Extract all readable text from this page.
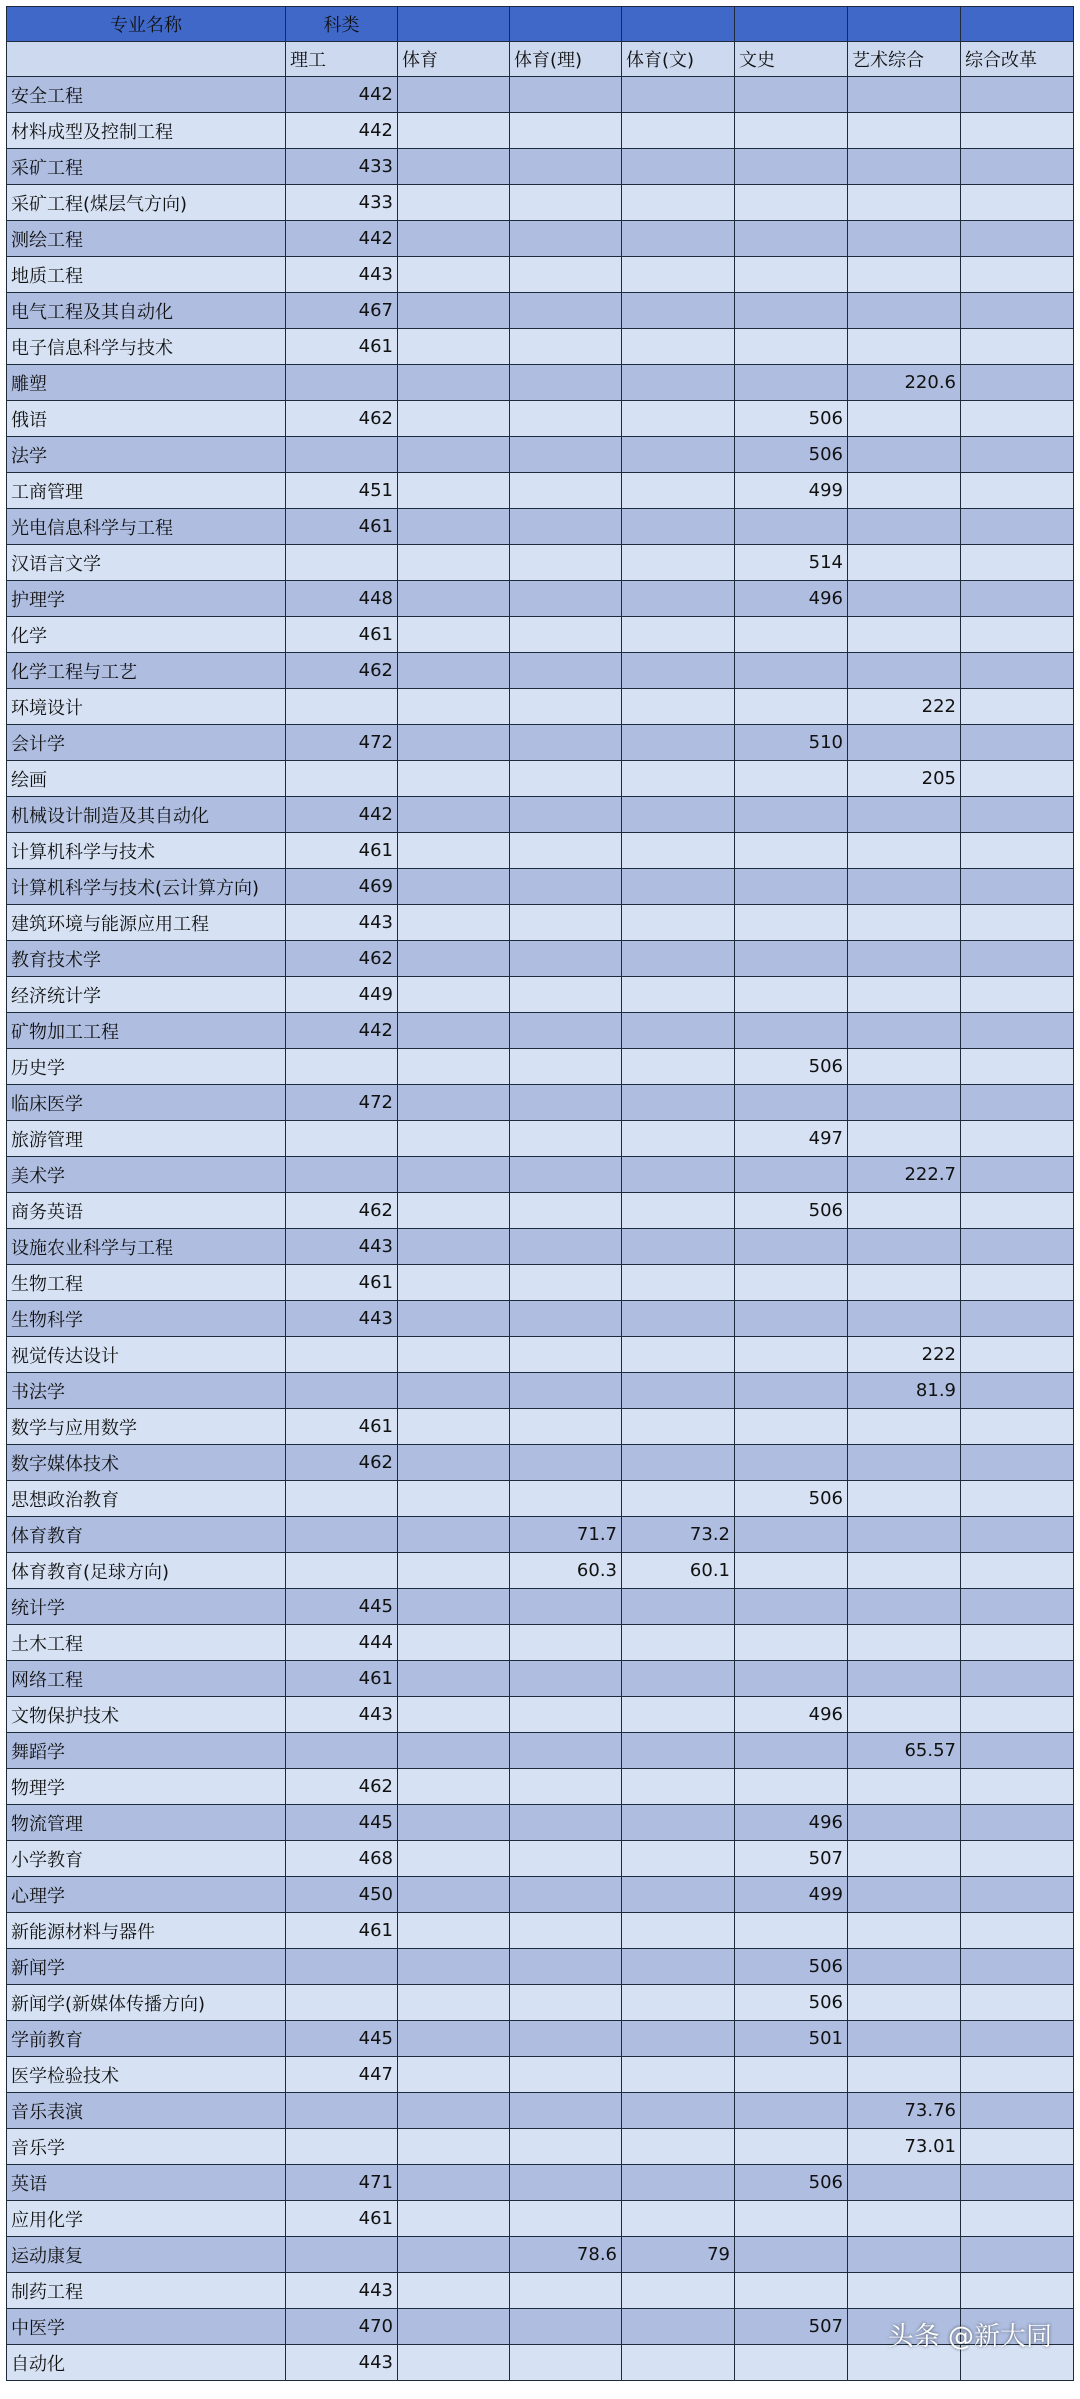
专业名称	科类						
	理工	体育	体育(理)	体育(文)	文史	艺术综合	综合改革
安全工程	442						
材料成型及控制工程	442						
采矿工程	433						
采矿工程(煤层气方向)	433						
测绘工程	442						
地质工程	443						
电气工程及其自动化	467						
电子信息科学与技术	461						
雕塑						220.6	
俄语	462				506		
法学					506		
工商管理	451				499		
光电信息科学与工程	461						
汉语言文学					514		
护理学	448				496		
化学	461						
化学工程与工艺	462						
环境设计						222	
会计学	472				510		
绘画						205	
机械设计制造及其自动化	442						
计算机科学与技术	461						
计算机科学与技术(云计算方向)	469						
建筑环境与能源应用工程	443						
教育技术学	462						
经济统计学	449						
矿物加工工程	442						
历史学					506		
临床医学	472						
旅游管理					497		
美术学						222.7	
商务英语	462				506		
设施农业科学与工程	443						
生物工程	461						
生物科学	443						
视觉传达设计						222	
书法学						81.9	
数学与应用数学	461						
数字媒体技术	462						
思想政治教育					506		
体育教育			71.7	73.2			
体育教育(足球方向)			60.3	60.1			
统计学	445						
土木工程	444						
网络工程	461						
文物保护技术	443				496		
舞蹈学						65.57	
物理学	462						
物流管理	445				496		
小学教育	468				507		
心理学	450				499		
新能源材料与器件	461						
新闻学					506		
新闻学(新媒体传播方向)					506		
学前教育	445				501		
医学检验技术	447						
音乐表演						73.76	
音乐学						73.01	
英语	471				506		
应用化学	461						
运动康复			78.6	79			
制药工程	443						
中医学	470				507		
自动化	443						
头条 @新大同
